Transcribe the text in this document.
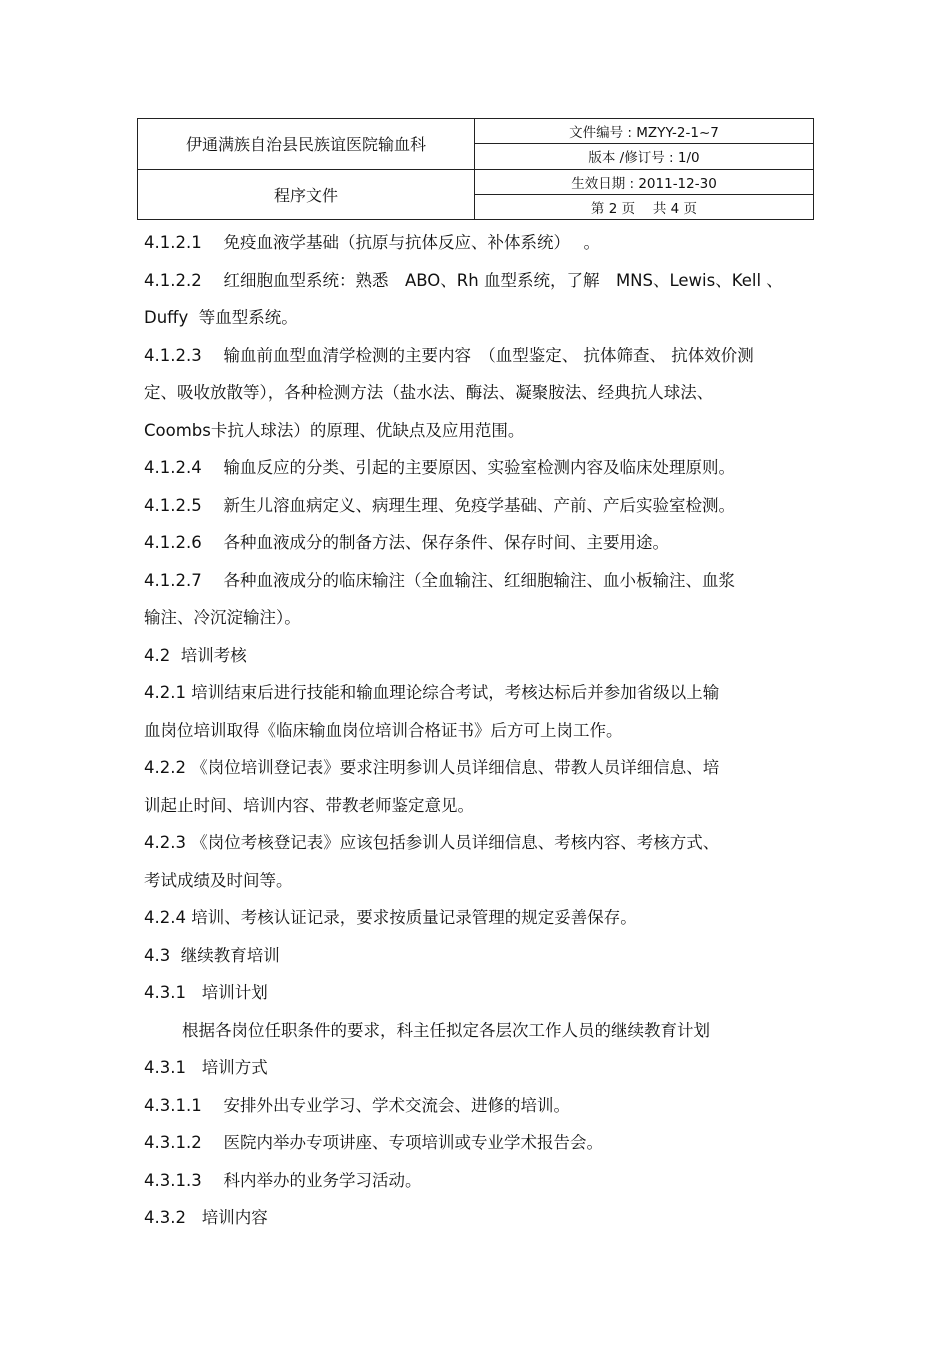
伊通满族自治县民族谊医院输血科	文件编号 : MZYY-2-1~7
	版本 /修订号 : 1/0
程序文件	生效日期 : 2011-12-30
	第 2 页　 共 4 页
4.1.2.1　 免疫血液学基础（抗原与抗体反应、补体系统）　 。
4.1.2.2　 红细胞血型系统：熟悉　ABO、Rh 血型系统，了解　MNS、Lewis、Kell 、
Duffy  等血型系统。
4.1.2.3　 输血前血型血清学检测的主要内容　（血型鉴定、 抗体筛查、 抗体效价测
定、吸收放散等），各种检测方法（盐水法、酶法、凝聚胺法、经典抗人球法、
Coombs卡抗人球法）的原理、优缺点及应用范围。
4.1.2.4　 输血反应的分类、引起的主要原因、实验室检测内容及临床处理原则。
4.1.2.5　 新生儿溶血病定义、病理生理、免疫学基础、产前、产后实验室检测。
4.1.2.6　 各种血液成分的制备方法、保存条件、保存时间、主要用途。
4.1.2.7　 各种血液成分的临床输注（全血输注、红细胞输注、血小板输注、血浆
输注、冷沉淀输注）。
4.2  培训考核
4.2.1 培训结束后进行技能和输血理论综合考试，考核达标后并参加省级以上输
血岗位培训取得《临床输血岗位培训合格证书》后方可上岗工作。
4.2.2 《岗位培训登记表》要求注明参训人员详细信息、带教人员详细信息、培
训起止时间、培训内容、带教老师鉴定意见。
4.2.3 《岗位考核登记表》应该包括参训人员详细信息、考核内容、考核方式、
考试成绩及时间等。
4.2.4 培训、考核认证记录，要求按质量记录管理的规定妥善保存。
4.3  继续教育培训
4.3.1   培训计划
根据各岗位任职条件的要求，科主任拟定各层次工作人员的继续教育计划
4.3.1   培训方式
4.3.1.1　 安排外出专业学习、学术交流会、进修的培训。
4.3.1.2　 医院内举办专项讲座、专项培训或专业学术报告会。
4.3.1.3　 科内举办的业务学习活动。
4.3.2   培训内容
